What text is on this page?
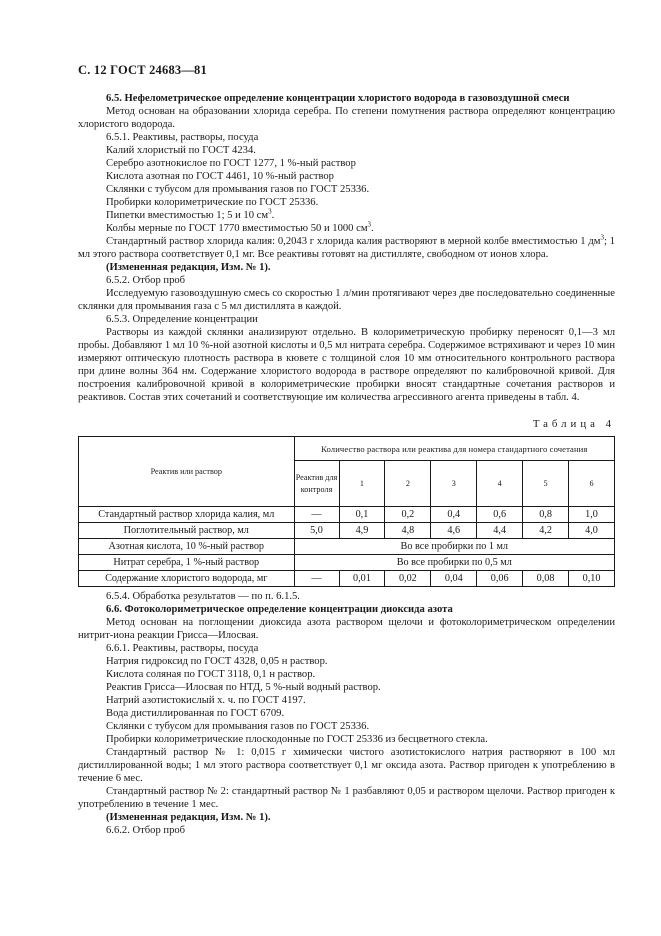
С. 12 ГОСТ 24683—81

6.5. Нефелометрическое определение концентрации хлористого водорода в газовоздушной смеси

Метод основан на образовании хлорида серебра. По степени помутнения раствора определяют концентрацию хлористого водорода.

6.5.1. Реактивы, растворы, посуда

Калий хлористый по ГОСТ 4234.

Серебро азотнокислое по ГОСТ 1277, 1 %-ный раствор

Кислота азотная по ГОСТ 4461, 10 %-ный раствор

Склянки с тубусом для промывания газов по ГОСТ 25336.

Пробирки колориметрические по ГОСТ 25336.

Пипетки вместимостью 1; 5 и 10 $см^3$.

Колбы мерные по ГОСТ 1770 вместимостью 50 и 1000 $см^3$.

Стандартный раствор хлорида калия: 0,2043 г хлорида калия растворяют в мерной колбе вместимостью 1 $дм^3$; 1 мл этого раствора соответствует 0,1 мг. Все реактивы готовят на дистилляте, свободном от ионов хлора.

(Измененная редакция, Изм. № 1).

6.5.2. Отбор проб

Исследуемую газовоздушную смесь со скоростью 1 л/мин протягивают через две последовательно соединенные склянки для промывания газа с 5 мл дистиллята в каждой.

6.5.3. Определение концентрации

Растворы из каждой склянки анализируют отдельно. В колориметрическую пробирку переносят 0,1—3 мл пробы. Добавляют 1 мл 10 %-ной азотной кислоты и 0,5 мл нитрата серебра. Содержимое встряхивают и через 10 мин измеряют оптическую плотность раствора в кювете с толщиной слоя 10 мм относительного контрольного раствора при длине волны 364 нм. Содержание хлористого водорода в растворе определяют по калибровочной кривой. Для построения калибровочной кривой в колориметрические пробирки вносят стандартные сочетания растворов и реактивов. Состав этих сочетаний и соответствующие им количества агрессивного агента приведены в табл. 4.

Таблица 4
Реактив или раствор	Количество раствора или реактива для номера стандартного сочетания						
	Реактив для контроля	1	2	3	4	5	6
Стандартный раствор хлорида калия, мл	—	0,1	0,2	0,4	0,6	0,8	1,0
Поглотительный раствор, мл	5,0	4,9	4,8	4,6	4,4	4,2	4,0
Азотная кислота, 10 %-ный раствор	Во все пробирки по 1 мл						
Нитрат серебра, 1 %-ный раствор	Во все пробирки по 0,5 мл						
Содержание хлористого водорода, мг	—	0,01	0,02	0,04	0,06	0,08	0,10

6.5.4. Обработка результатов — по п. 6.1.5.

6.6. Фотоколориметрическое определение концентрации диоксида азота

Метод основан на поглощении диоксида азота раствором щелочи и фотоколориметрическом определении нитрит-иона реакции Грисса—Илосвая.

6.6.1. Реактивы, растворы, посуда

Натрия гидроксид по ГОСТ 4328, 0,05 н раствор.

Кислота соляная по ГОСТ 3118, 0,1 н раствор.

Реактив Грисса—Илосвая по НТД, 5 %-ный водный раствор.

Натрий азотистокислый х. ч. по ГОСТ 4197.

Вода дистиллированная по ГОСТ 6709.

Склянки с тубусом для промывания газов по ГОСТ 25336.

Пробирки колориметрические плоскодонные по ГОСТ 25336 из бесцветного стекла.

Стандартный раствор № 1: 0,015 г химически чистого азотистокислого натрия растворяют в 100 мл дистиллированной воды; 1 мл этого раствора соответствует 0,1 мг оксида азота. Раствор пригоден к употреблению в течение 6 мес.

Стандартный раствор № 2: стандартный раствор № 1 разбавляют 0,05 и раствором щелочи. Раствор пригоден к употреблению в течение 1 мес.

(Измененная редакция, Изм. № 1).

6.6.2. Отбор проб
